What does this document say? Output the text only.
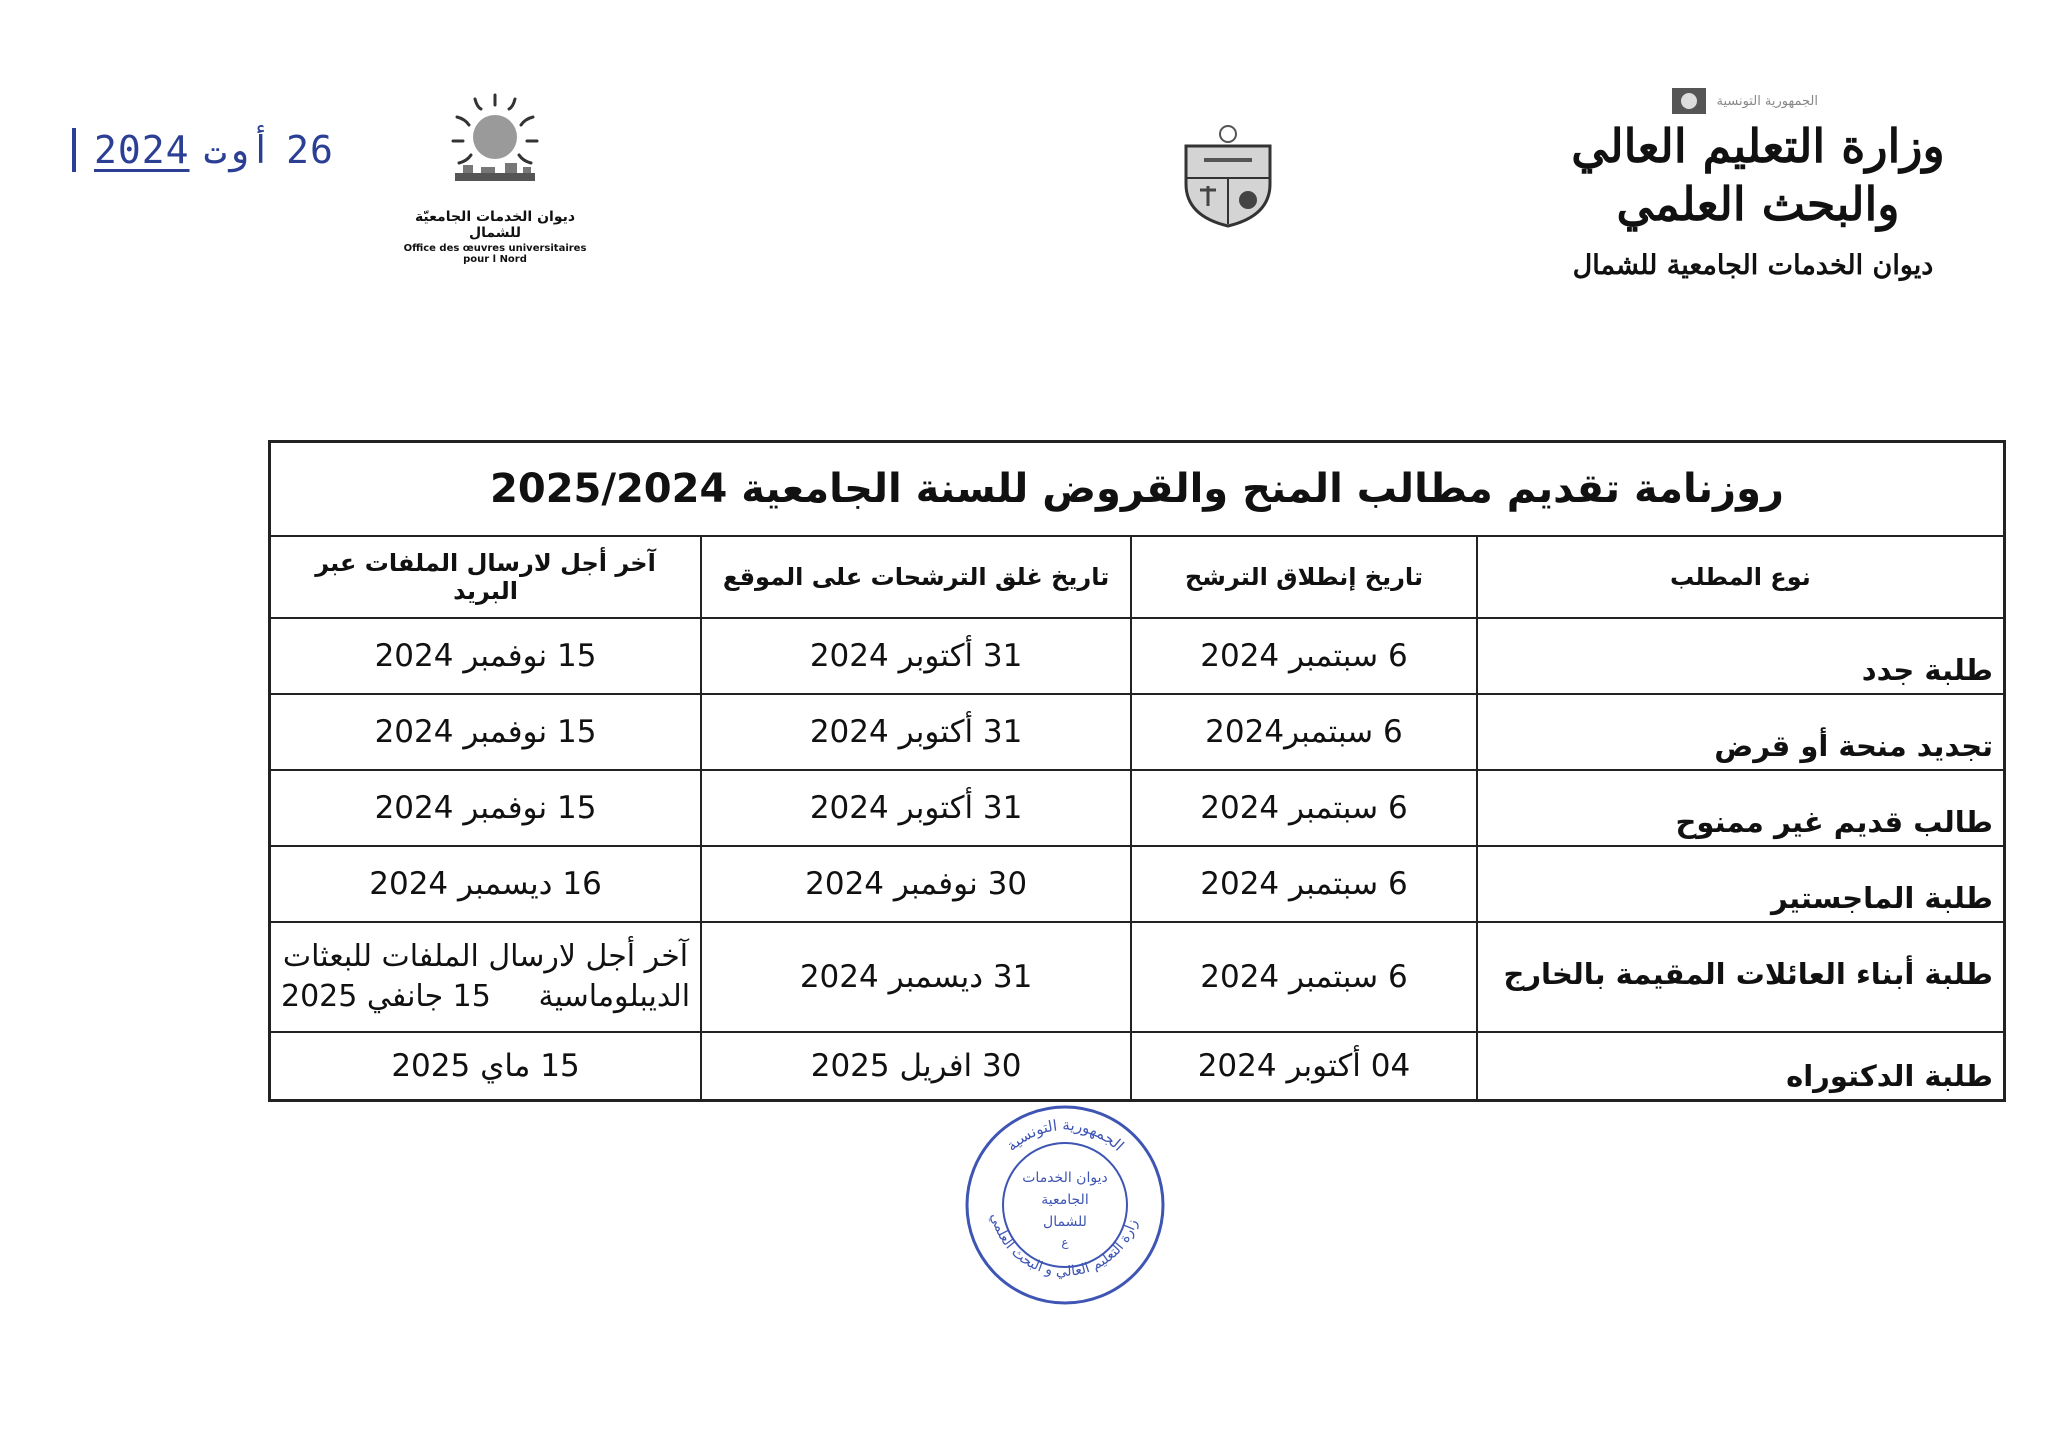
2024 أوت 26
ديوان الخدمات الجامعيّة للشمال
Office des œuvres universitaires pour l Nord
الجمهورية التونسية
وزارة التعليم العالي
والبحث العلمي
ديوان الخدمات الجامعية للشمال
روزنامة تقديم مطالب المنح والقروض للسنة الجامعية 2025/2024			
نوع المطلب	تاريخ إنطلاق الترشح	تاريخ غلق الترشحات على الموقع	آخر أجل لارسال الملفات عبر البريد
طلبة جدد	6 سبتمبر 2024	31 أكتوبر 2024	15 نوفمبر 2024
تجديد منحة أو قرض	6 سبتمبر2024	31 أكتوبر 2024	15 نوفمبر 2024
طالب قديم غير ممنوح	6 سبتمبر 2024	31 أكتوبر 2024	15 نوفمبر 2024
طلبة الماجستير	6 سبتمبر 2024	30 نوفمبر 2024	16 ديسمبر 2024
طلبة أبناء العائلات المقيمة بالخارج	6 سبتمبر 2024	31 ديسمبر 2024	آخر أجل لارسال الملفات للبعثات
الديبلوماسية     15 جانفي 2025

طلبة الدكتوراه	04 أكتوبر 2024	30 افريل 2025	15 ماي 2025
الجمهورية التونسية
زارة التعليم العالي و البحث العلمي
ديوان الخدمات
الجامعية
للشمال
ع
